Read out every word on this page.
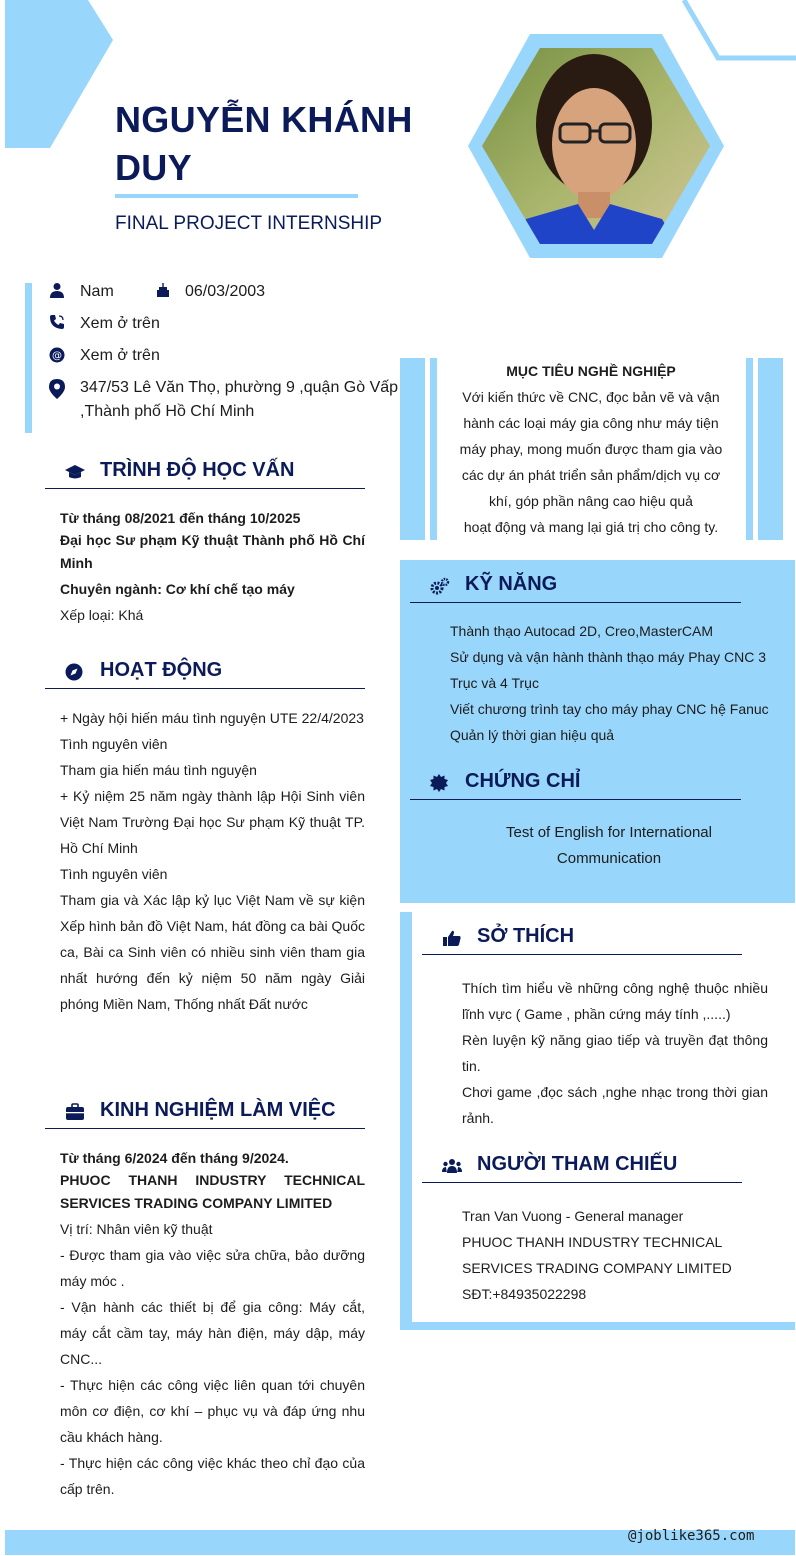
NGUYỄN KHÁNH DUY
FINAL PROJECT INTERNSHIP
Nam	06/03/2003
Xem ở trên
@ Xem ở trên
347/53 Lê Văn Thọ, phường 9 ,quận Gò Vấp
,Thành phố Hồ Chí Minh
TRÌNH ĐỘ HỌC VẤN
Từ tháng 08/2021 đến tháng 10/2025
Đại học Sư phạm Kỹ thuật Thành phố Hồ Chí Minh
Chuyên ngành: Cơ khí chế tạo máy
Xếp loại: Khá
HOẠT ĐỘNG
+ Ngày hội hiến máu tình nguyện UTE 22/4/2023
Tình nguyên viên
Tham gia hiến máu tình nguyện
+ Kỷ niệm 25 năm ngày thành lập Hội Sinh viên Việt Nam Trường Đại học Sư phạm Kỹ thuật TP. Hồ Chí Minh
Tình nguyên viên
Tham gia và Xác lập kỷ lục Việt Nam về sự kiện Xếp hình bản đồ Việt Nam, hát đồng ca bài Quốc ca, Bài ca Sinh viên có nhiều sinh viên tham gia nhất hướng đến kỷ niệm 50 năm ngày Giải phóng Miền Nam, Thống nhất Đất nước
KINH NGHIỆM LÀM VIỆC
Từ tháng 6/2024 đến tháng 9/2024.
PHUOC THANH INDUSTRY TECHNICAL SERVICES TRADING COMPANY LIMITED
Vị trí: Nhân viên kỹ thuật
- Được tham gia vào việc sửa chữa, bảo dưỡng máy móc .
- Vận hành các thiết bị để gia công: Máy cắt, máy cắt cầm tay, máy hàn điện, máy dập, máy CNC...
- Thực hiện các công việc liên quan tới chuyên môn cơ điện, cơ khí – phục vụ và đáp ứng nhu cầu khách hàng.
- Thực hiện các công việc khác theo chỉ đạo của cấp trên.
MỤC TIÊU NGHỀ NGHIỆP
Với kiến thức về CNC, đọc bản vẽ và vận
hành các loại máy gia công như máy tiện
máy phay, mong muốn được tham gia vào
các dự án phát triển sản phẩm/dịch vụ cơ
khí, góp phần nâng cao hiệu quả
hoạt động và mang lại giá trị cho công ty.
KỸ NĂNG
Thành thạo Autocad 2D, Creo,MasterCAM
Sử dụng và vận hành thành thạo máy Phay CNC 3 Trục và 4 Trục
Viết chương trình tay cho máy phay CNC hệ Fanuc
Quản lý thời gian hiệu quả
CHỨNG CHỈ
Test of English for International Communication
SỞ THÍCH
Thích tìm hiểu về những công nghệ thuộc nhiều lĩnh vực ( Game , phần cứng máy tính ,.....)
Rèn luyện kỹ năng giao tiếp và truyền đạt thông tin.
Chơi game ,đọc sách ,nghe nhạc trong thời gian rảnh.
NGƯỜI THAM CHIẾU
Tran Van Vuong - General manager
PHUOC THANH INDUSTRY TECHNICAL
SERVICES TRADING COMPANY LIMITED
SĐT:+84935022298
@joblike365.com
